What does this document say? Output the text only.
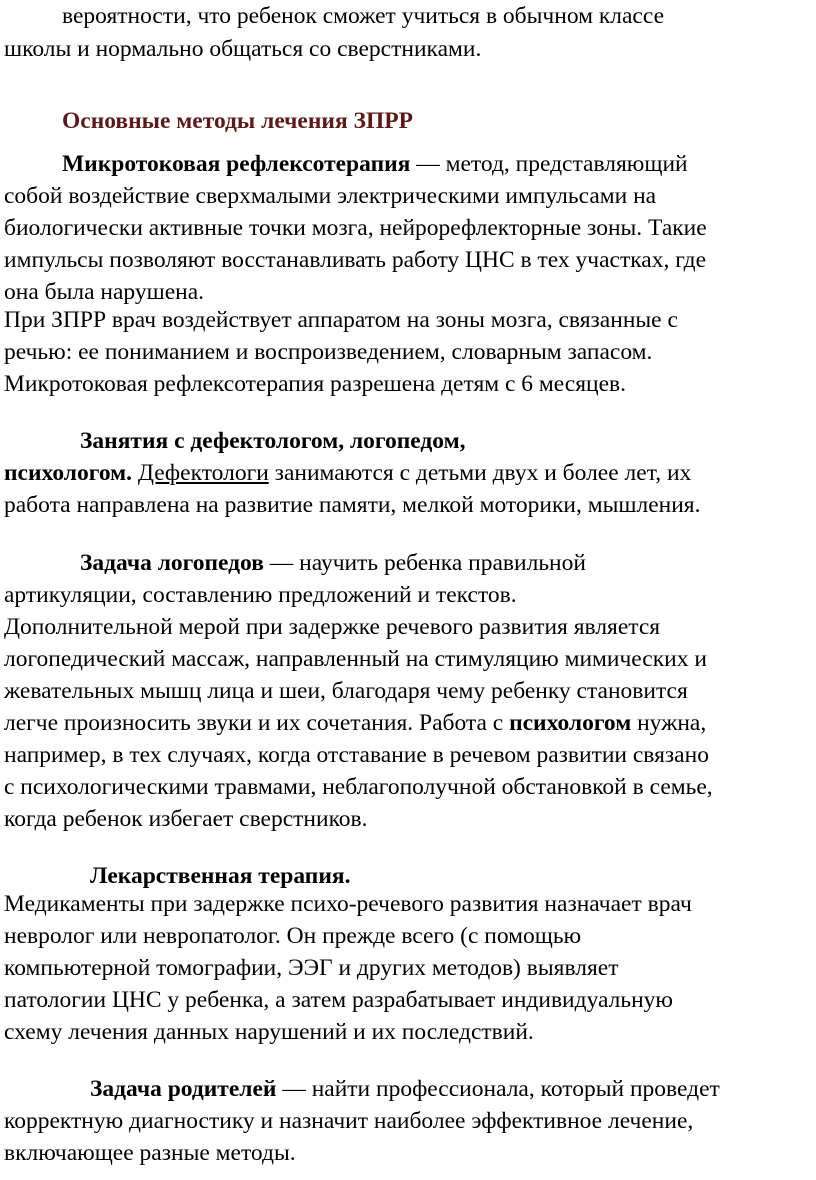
вероятности, что ребенок сможет учиться в обычном классе
школы и нормально общаться со сверстниками.
Основные методы лечения ЗПРР
Микротоковая рефлексотерапия — метод, представляющий
собой воздействие сверхмалыми электрическими импульсами на
биологически активные точки мозга, нейрорефлекторные зоны. Такие
импульсы позволяют восстанавливать работу ЦНС в тех участках, где
она была нарушена.
При ЗПРР врач воздействует аппаратом на зоны мозга, связанные с
речью: ее пониманием и воспроизведением, словарным запасом.
Микротоковая рефлексотерапия разрешена детям с 6 месяцев.
Занятия с дефектологом, логопедом,
психологом. Дефектологи занимаются с детьми двух и более лет, их
работа направлена на развитие памяти, мелкой моторики, мышления.
Задача логопедов — научить ребенка правильной
артикуляции, составлению предложений и текстов.
Дополнительной мерой при задержке речевого развития является
логопедический массаж, направленный на стимуляцию мимических и
жевательных мышц лица и шеи, благодаря чему ребенку становится
легче произносить звуки и их сочетания. Работа с психологом нужна,
например, в тех случаях, когда отставание в речевом развитии связано
с психологическими травмами, неблагополучной обстановкой в семье,
когда ребенок избегает сверстников.
Лекарственная терапия.
Медикаменты при задержке психо-речевого развития назначает врач
невролог или невропатолог. Он прежде всего (с помощью
компьютерной томографии, ЭЭГ и других методов) выявляет
патологии ЦНС у ребенка, а затем разрабатывает индивидуальную
схему лечения данных нарушений и их последствий.
Задача родителей — найти профессионала, который проведет
корректную диагностику и назначит наиболее эффективное лечение,
включающее разные методы.
